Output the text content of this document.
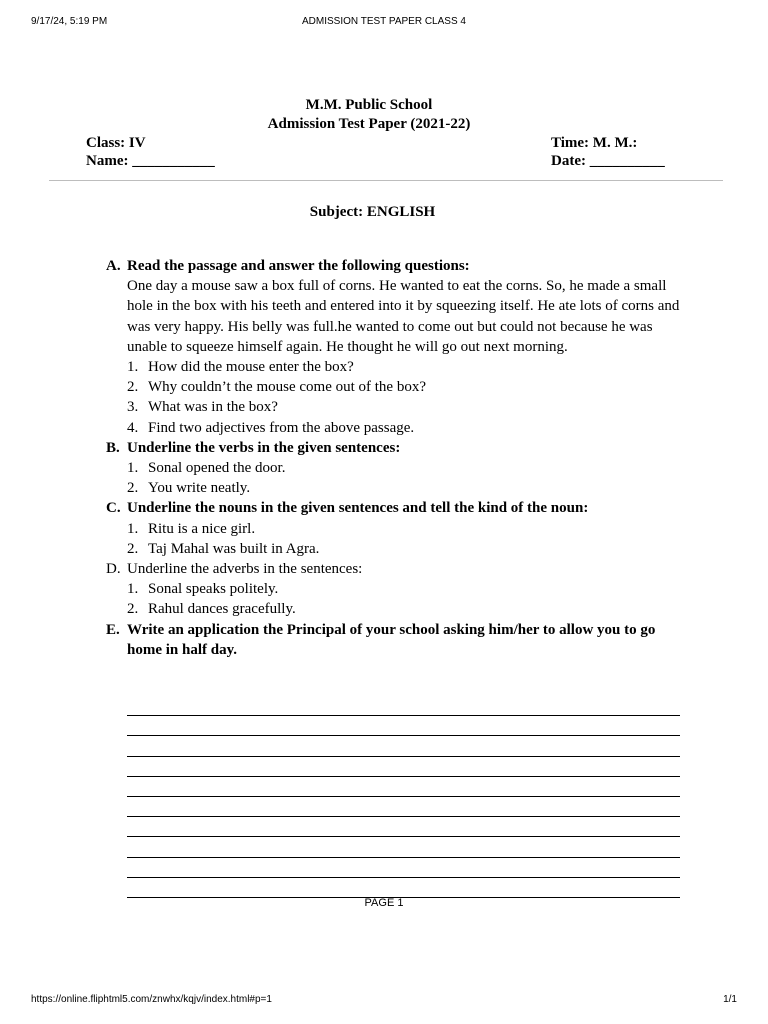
9/17/24, 5:19 PM	ADMISSION TEST PAPER CLASS 4
M.M. Public School
Admission Test Paper (2021-22)
Class: IV
Name: ___________
Time: M. M.:
Date: __________
Subject: ENGLISH
A. Read the passage and answer the following questions:
One day a mouse saw a box full of corns. He wanted to eat the corns. So, he made a small hole in the box with his teeth and entered into it by squeezing itself. He ate lots of corns and was very happy. His belly was full.he wanted to come out but could not because he was unable to squeeze himself again. He thought he will go out next morning.
1. How did the mouse enter the box?
2. Why couldn’t the mouse come out of the box?
3. What was in the box?
4. Find two adjectives from the above passage.
B. Underline the verbs in the given sentences:
1. Sonal opened the door.
2. You write neatly.
C. Underline the nouns in the given sentences and tell the kind of the noun:
1. Ritu is a nice girl.
2. Taj Mahal was built in Agra.
D. Underline the adverbs in the sentences:
1. Sonal speaks politely.
2. Rahul dances gracefully.
E. Write an application the Principal of your school asking him/her to allow you to go home in half day.
PAGE 1
https://online.fliphtml5.com/znwhx/kqjv/index.html#p=1	1/1
